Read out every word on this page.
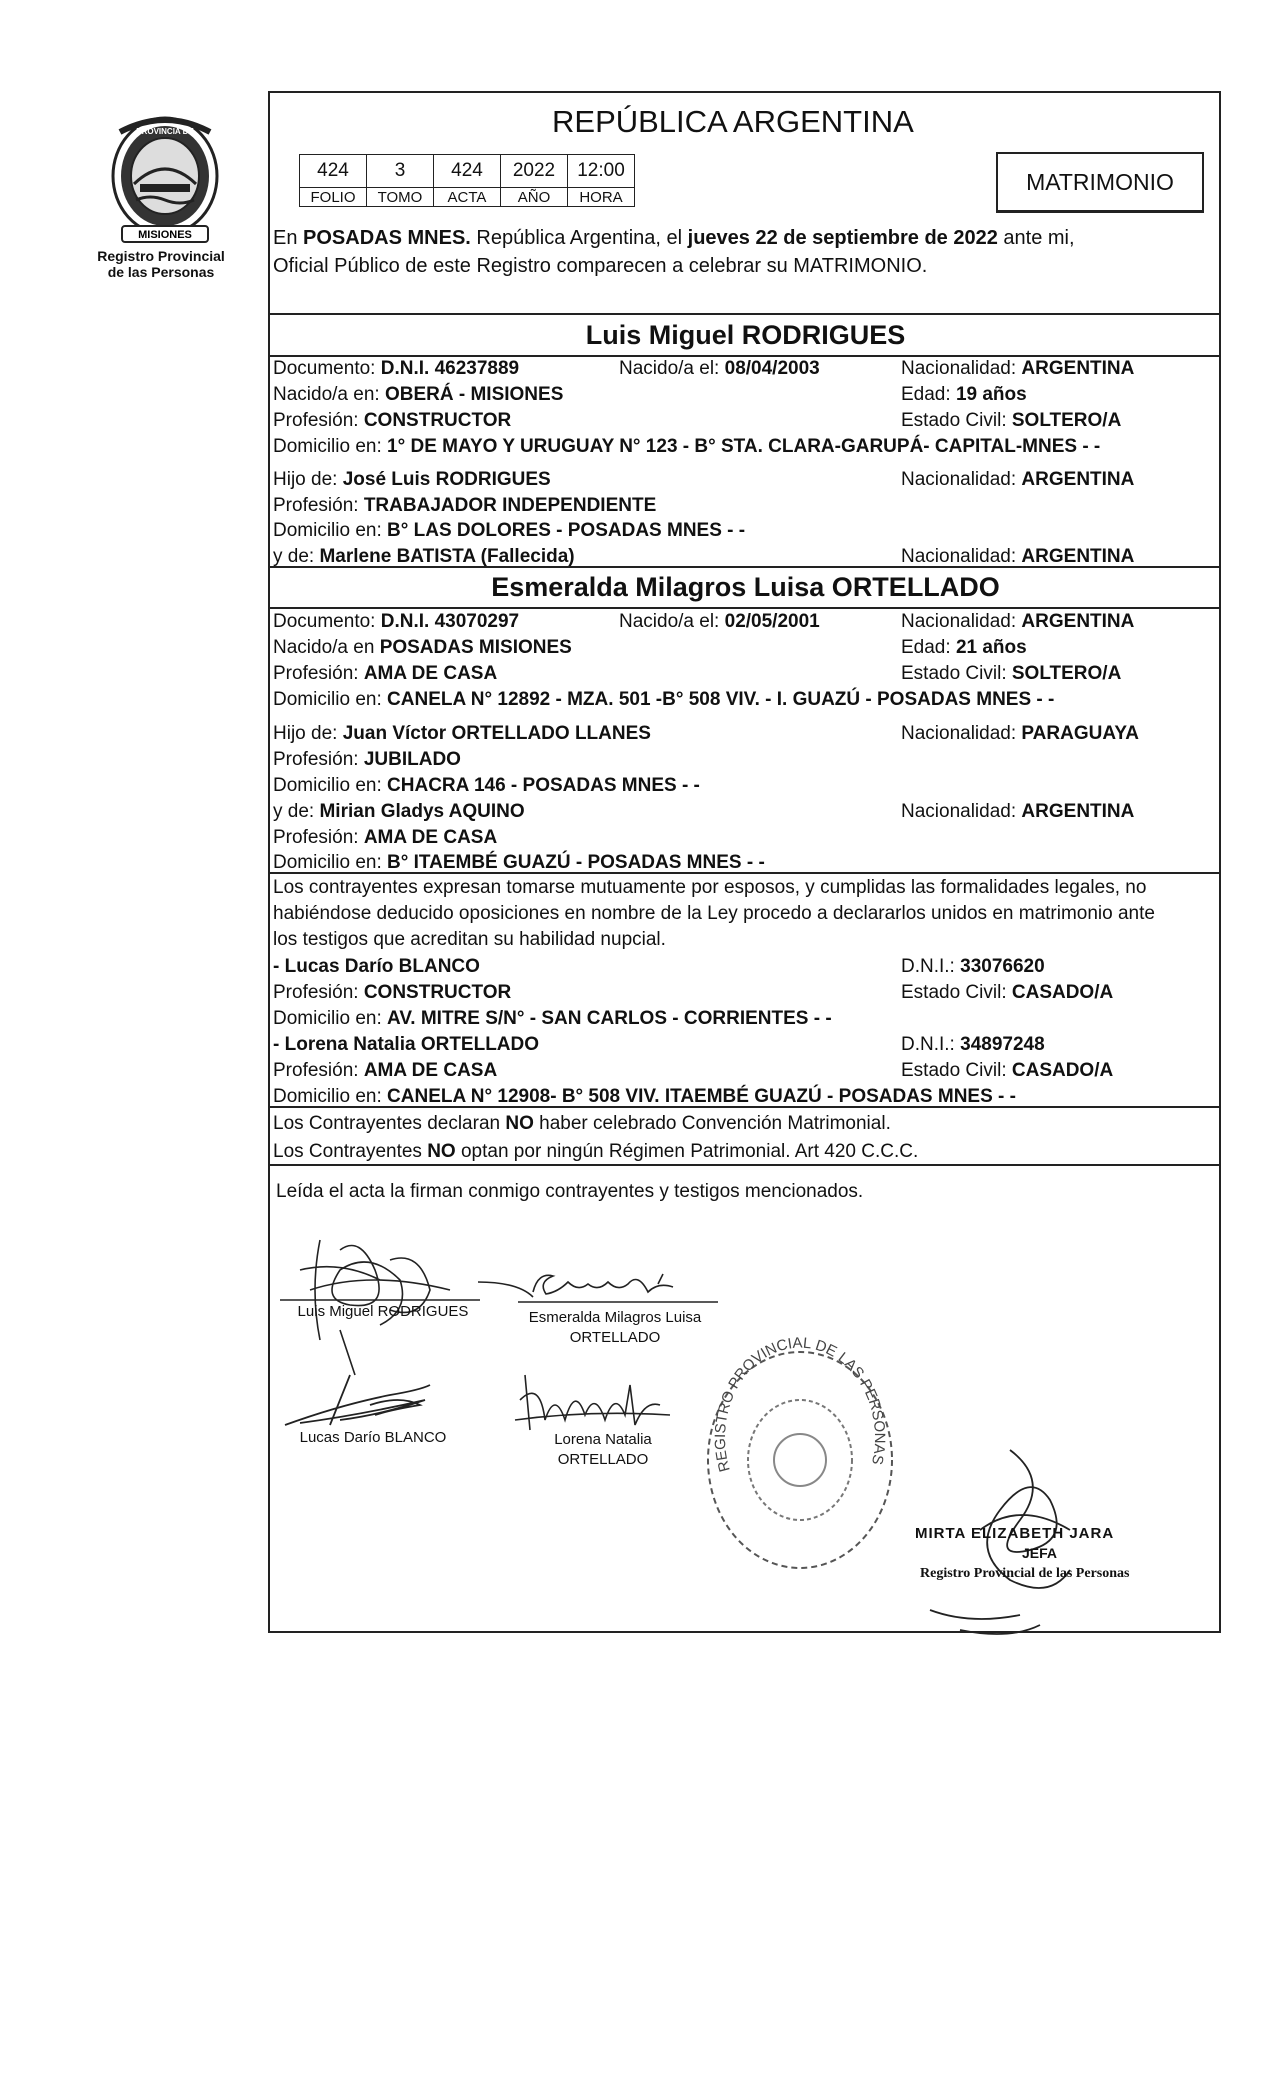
MISIONES
PROVINCIA DE
Registro Provincial
de las Personas
REPÚBLICA ARGENTINA
424	3	424	2022	12:00
FOLIO	TOMO	ACTA	AÑO	HORA
MATRIMONIO
En POSADAS MNES. República Argentina, el jueves 22 de septiembre de 2022 ante mi,
Oficial Público de este Registro comparecen a celebrar su MATRIMONIO.
Luis Miguel RODRIGUES
Documento: D.N.I. 46237889	Nacido/a el: 08/04/2003	Nacionalidad: ARGENTINA
Nacido/a en: OBERÁ - MISIONES	Edad: 19 años
Profesión: CONSTRUCTOR	Estado Civil: SOLTERO/A
Domicilio en: 1° DE MAYO Y URUGUAY N° 123 - B° STA. CLARA-GARUPÁ- CAPITAL-MNES - -
Hijo de: José Luis RODRIGUES	Nacionalidad: ARGENTINA
Profesión: TRABAJADOR INDEPENDIENTE
Domicilio en: B° LAS DOLORES - POSADAS MNES - -
y de: Marlene BATISTA (Fallecida)	Nacionalidad: ARGENTINA
Esmeralda Milagros Luisa ORTELLADO
Documento: D.N.I. 43070297	Nacido/a el: 02/05/2001	Nacionalidad: ARGENTINA
Nacido/a en POSADAS MISIONES	Edad: 21 años
Profesión: AMA DE CASA	Estado Civil: SOLTERO/A
Domicilio en: CANELA N° 12892 - MZA. 501 -B° 508 VIV. - I. GUAZÚ - POSADAS MNES - -
Hijo de: Juan Víctor ORTELLADO LLANES	Nacionalidad: PARAGUAYA
Profesión: JUBILADO
Domicilio en: CHACRA 146 - POSADAS MNES - -
y de: Mirian Gladys AQUINO	Nacionalidad: ARGENTINA
Profesión: AMA DE CASA
Domicilio en: B° ITAEMBÉ GUAZÚ - POSADAS MNES - -
Los contrayentes expresan tomarse mutuamente por esposos, y cumplidas las formalidades legales, no
habiéndose deducido oposiciones en nombre de la Ley procedo a declararlos unidos en matrimonio ante
los testigos que acreditan su habilidad nupcial.
- Lucas Darío BLANCO	D.N.I.: 33076620
Profesión: CONSTRUCTOR	Estado Civil: CASADO/A
Domicilio en: AV. MITRE S/N° - SAN CARLOS - CORRIENTES - -
- Lorena Natalia ORTELLADO	D.N.I.: 34897248
Profesión: AMA DE CASA	Estado Civil: CASADO/A
Domicilio en: CANELA N° 12908- B° 508 VIV. ITAEMBÉ GUAZÚ - POSADAS MNES - -
Los Contrayentes declaran NO haber celebrado Convención Matrimonial.
Los Contrayentes NO optan por ningún Régimen Patrimonial. Art 420 C.C.C.
Leída el acta la firman conmigo contrayentes y testigos mencionados.
Luis Miguel RODRIGUES	Esmeralda Milagros Luisa
ORTELLADO
Lucas Darío BLANCO	Lorena Natalia
ORTELLADO	REGISTRO PROVINCIAL DE LAS PERSONAS
MIRTA ELIZABETH JARA
JEFA
Registro Provincial de las Personas
